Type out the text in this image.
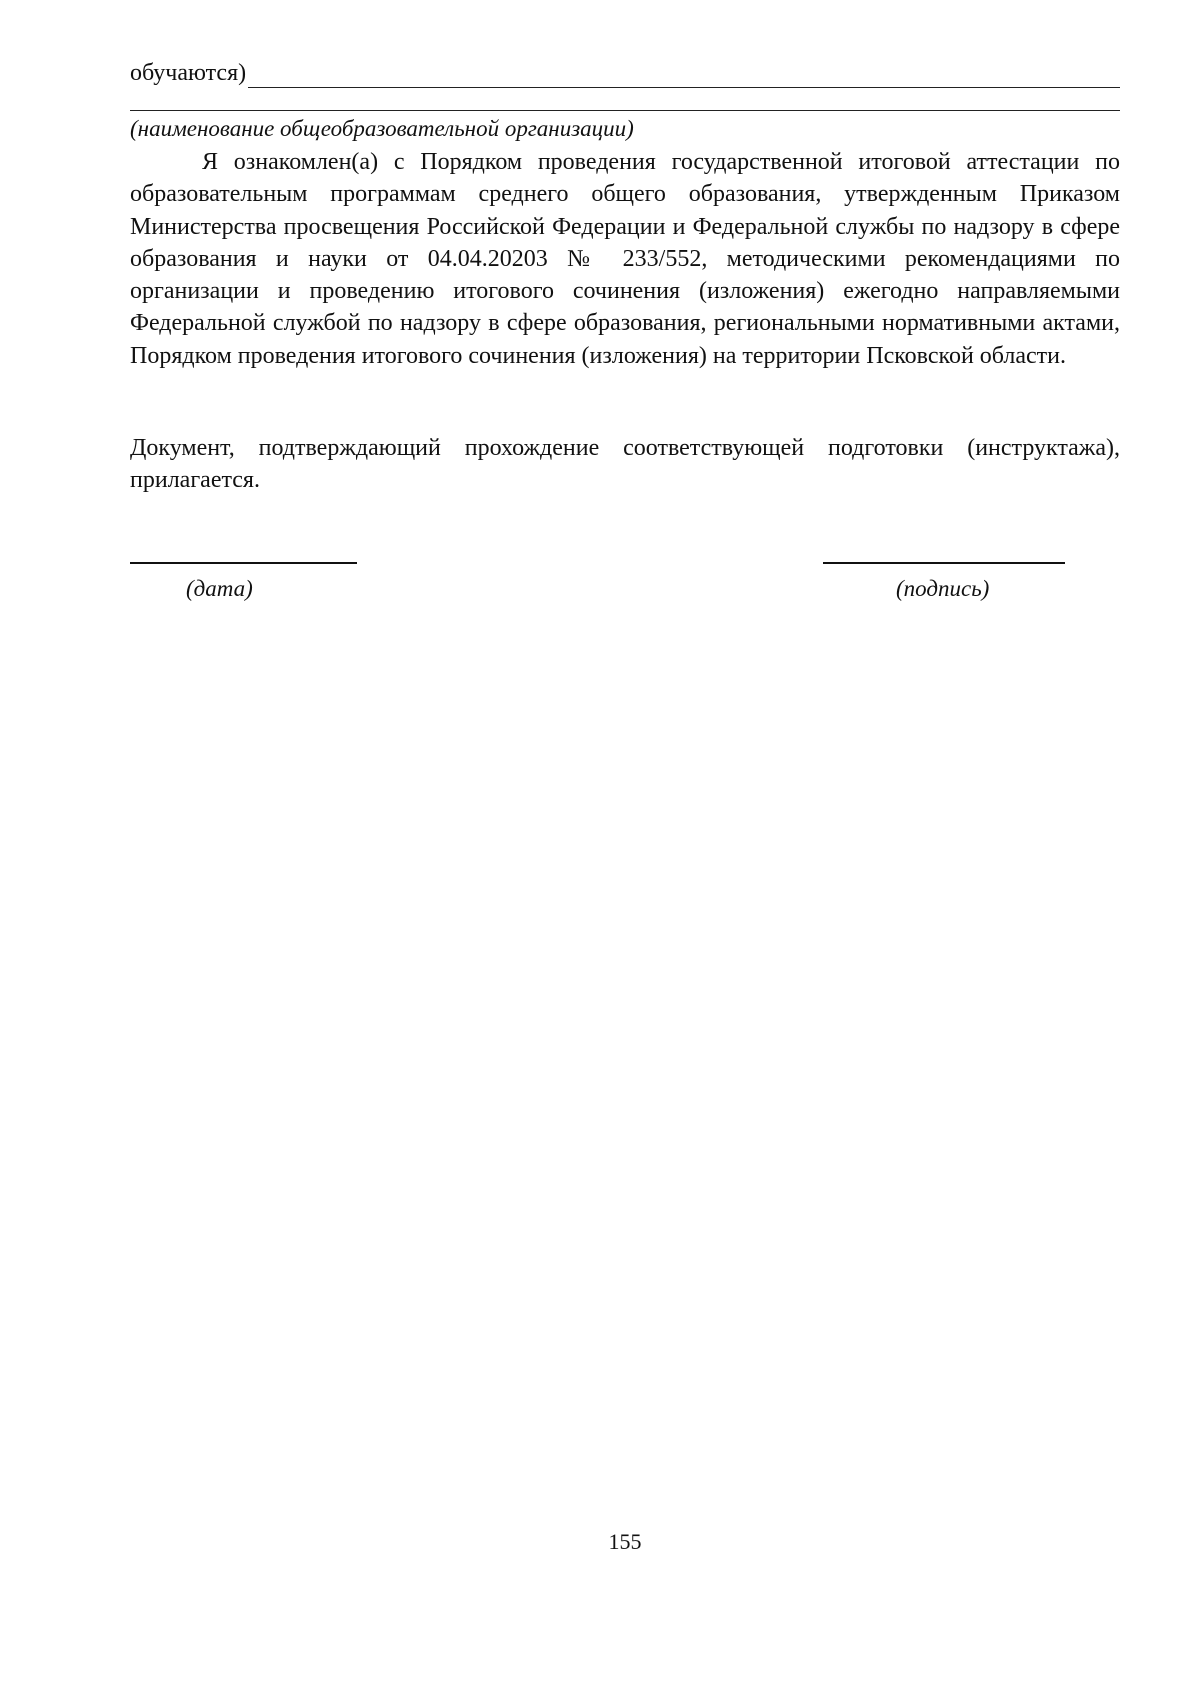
обучаются)
(наименование общеобразовательной организации)
Я ознакомлен(а) с Порядком проведения государственной итоговой аттестации по образовательным программам среднего общего образования, утвержденным Приказом Министерства просвещения Российской Федерации и Федеральной службы по надзору в сфере образования и науки от 04.04.20203 № 233/552, методическими рекомендациями по организации и проведению итогового сочинения (изложения) ежегодно направляемыми Федеральной службой по надзору в сфере образования, региональными нормативными актами, Порядком проведения итогового сочинения (изложения) на территории Псковской области.
Документ, подтверждающий прохождение соответствующей подготовки (инструктажа), прилагается.
(дата)	(подпись)
155
